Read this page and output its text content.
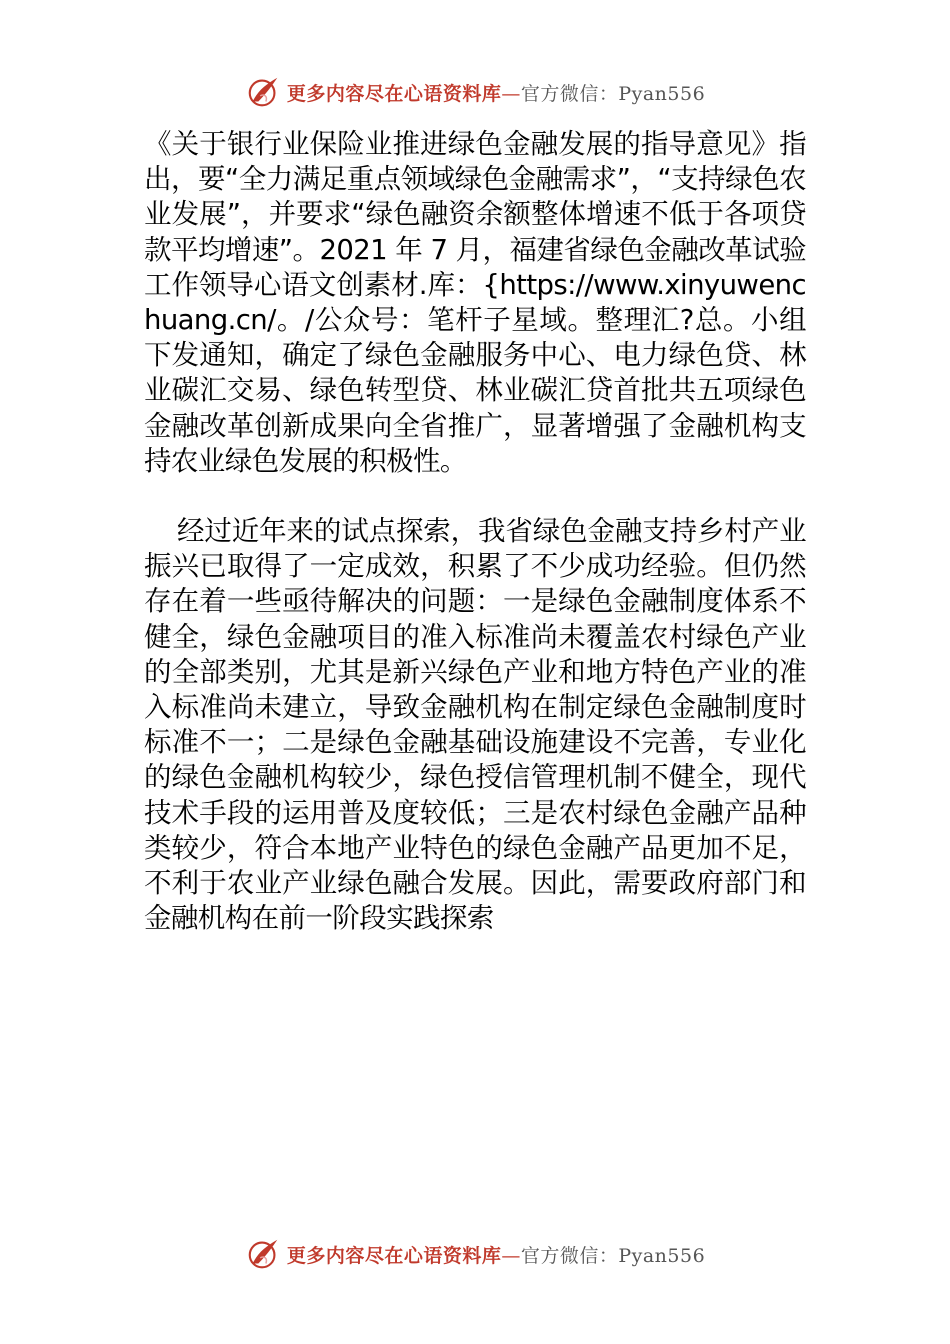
更多内容尽在心语资料库—官方微信：Pyan556

《关于银行业保险业推进绿色金融发展的指导意见》指出，要“全力满足重点领域绿色金融需求”，“支持绿色农业发展”，并要求“绿色融资余额整体增速不低于各项贷款平均增速”。2021 年 7 月，福建省绿色金融改革试验工作领导心语文创素材.库：{https://www.xinyuwenchuang.cn/。/公众号：笔杆子星域。整理汇?总。小组下发通知，确定了绿色金融服务中心、电力绿色贷、林业碳汇交易、绿色转型贷、林业碳汇贷首批共五项绿色金融改革创新成果向全省推广，显著增强了金融机构支持农业绿色发展的积极性。

经过近年来的试点探索，我省绿色金融支持乡村产业振兴已取得了一定成效，积累了不少成功经验。但仍然存在着一些亟待解决的问题：一是绿色金融制度体系不健全，绿色金融项目的准入标准尚未覆盖农村绿色产业的全部类别，尤其是新兴绿色产业和地方特色产业的准入标准尚未建立，导致金融机构在制定绿色金融制度时标准不一；二是绿色金融基础设施建设不完善，专业化的绿色金融机构较少，绿色授信管理机制不健全，现代技术手段的运用普及度较低；三是农村绿色金融产品种类较少，符合本地产业特色的绿色金融产品更加不足，不利于农业产业绿色融合发展。因此，需要政府部门和金融机构在前一阶段实践探索

更多内容尽在心语资料库—官方微信：Pyan556
